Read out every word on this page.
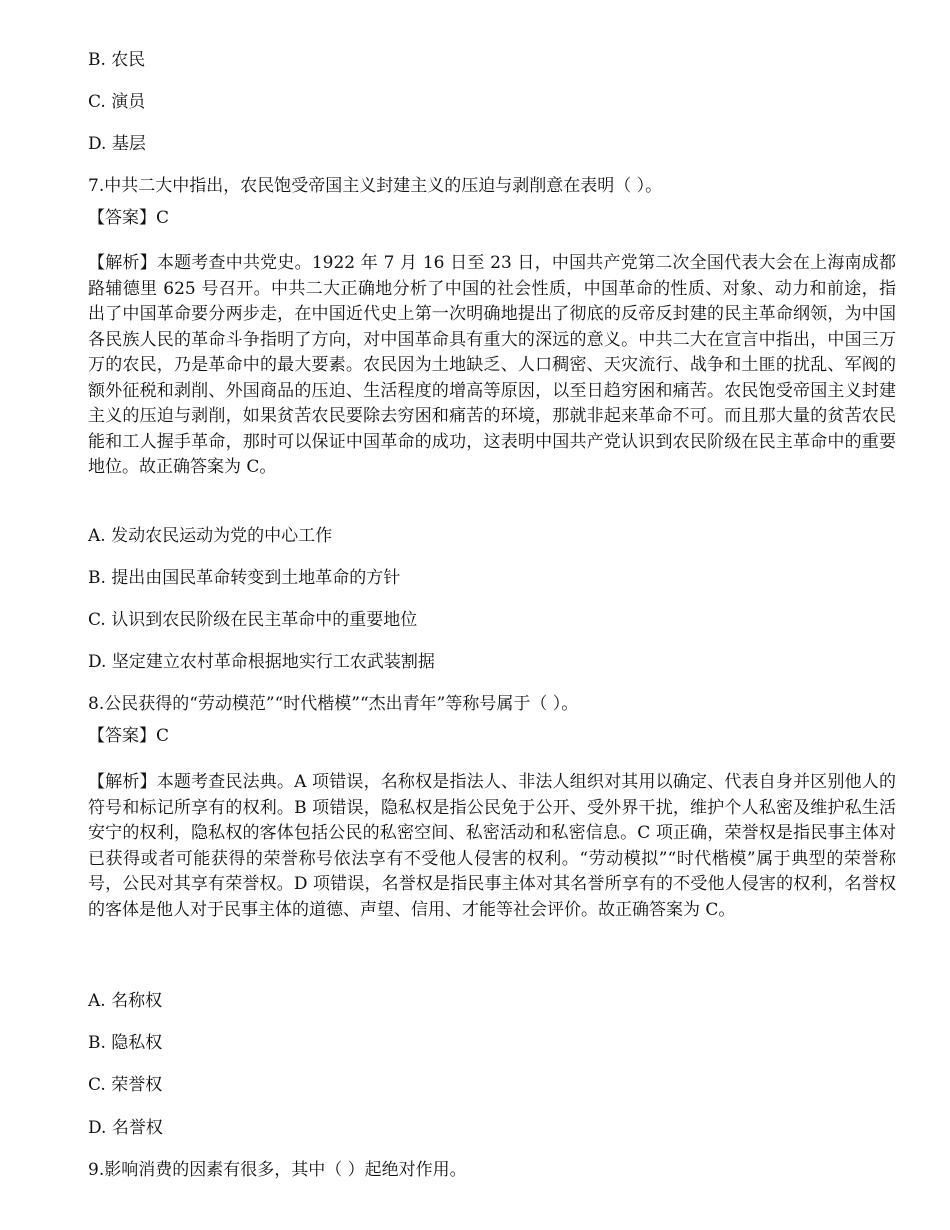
B. 农民
C. 演员
D. 基层
7.中共二大中指出，农民饱受帝国主义封建主义的压迫与剥削意在表明（ ）。
【答案】C
【解析】本题考查中共党史。1922 年 7 月 16 日至 23 日，中国共产党第二次全国代表大会在上海南成都路辅德里 625 号召开。中共二大正确地分析了中国的社会性质，中国革命的性质、对象、动力和前途，指出了中国革命要分两步走，在中国近代史上第一次明确地提出了彻底的反帝反封建的民主革命纲领，为中国各民族人民的革命斗争指明了方向，对中国革命具有重大的深远的意义。中共二大在宣言中指出，中国三万万的农民，乃是革命中的最大要素。农民因为土地缺乏、人口稠密、天灾流行、战争和土匪的扰乱、军阀的额外征税和剥削、外国商品的压迫、生活程度的增高等原因，以至日趋穷困和痛苦。农民饱受帝国主义封建主义的压迫与剥削，如果贫苦农民要除去穷困和痛苦的环境，那就非起来革命不可。而且那大量的贫苦农民能和工人握手革命，那时可以保证中国革命的成功，这表明中国共产党认识到农民阶级在民主革命中的重要地位。故正确答案为 C。
A. 发动农民运动为党的中心工作
B. 提出由国民革命转变到土地革命的方针
C. 认识到农民阶级在民主革命中的重要地位
D. 坚定建立农村革命根据地实行工农武装割据
8.公民获得的“劳动模范”“时代楷模”“杰出青年”等称号属于（ ）。
【答案】C
【解析】本题考查民法典。A 项错误，名称权是指法人、非法人组织对其用以确定、代表自身并区别他人的符号和标记所享有的权利。B 项错误，隐私权是指公民免于公开、受外界干扰，维护个人私密及维护私生活安宁的权利，隐私权的客体包括公民的私密空间、私密活动和私密信息。C 项正确，荣誉权是指民事主体对已获得或者可能获得的荣誉称号依法享有不受他人侵害的权利。“劳动模拟”“时代楷模”属于典型的荣誉称号，公民对其享有荣誉权。D 项错误，名誉权是指民事主体对其名誉所享有的不受他人侵害的权利，名誉权的客体是他人对于民事主体的道德、声望、信用、才能等社会评价。故正确答案为 C。
A. 名称权
B. 隐私权
C. 荣誉权
D. 名誉权
9.影响消费的因素有很多，其中（ ）起绝对作用。
